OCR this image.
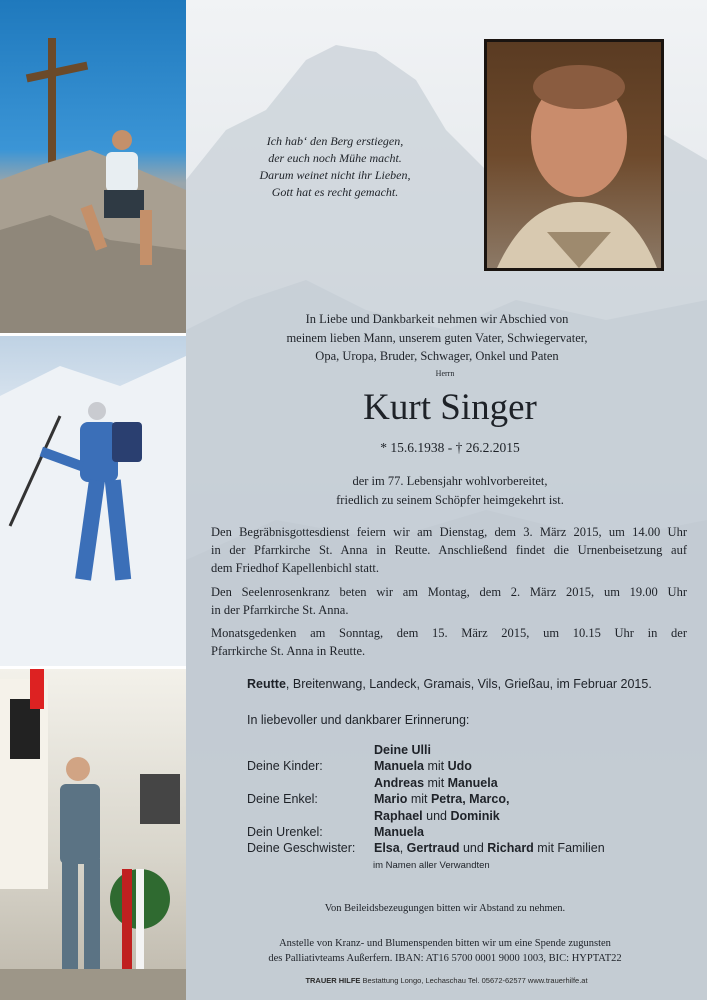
Ich hab‘ den Berg erstiegen,
der euch noch Mühe macht.
Darum weinet nicht ihr Lieben,
Gott hat es recht gemacht.
In Liebe und Dankbarkeit nehmen wir Abschied von
meinem lieben Mann, unserem guten Vater, Schwiegervater,
Opa, Uropa, Bruder, Schwager, Onkel und Paten
Herrn
Kurt Singer
* 15.6.1938 - † 26.2.2015
der im 77. Lebensjahr wohlvorbereitet,
friedlich zu seinem Schöpfer heimgekehrt ist.
Den Begräbnisgottesdienst feiern wir am Dienstag, dem 3. März 2015, um 14.00 Uhr
in der Pfarrkirche St. Anna in Reutte. Anschließend findet die Urnenbeisetzung auf
dem Friedhof Kapellenbichl statt.
Den Seelenrosenkranz beten wir am Montag, dem 2. März 2015, um 19.00 Uhr
in der Pfarrkirche St. Anna.
Monatsgedenken am Sonntag, dem 15. März 2015, um 10.15 Uhr in der
Pfarrkirche St. Anna in Reutte.
Reutte, Breitenwang, Landeck, Gramais, Vils, Grießau, im Februar 2015.
In liebevoller und dankbarer Erinnerung:
Deine Ulli
Deine Kinder:	Manuela mit Udo
Andreas mit Manuela
Deine Enkel:	Mario mit Petra, Marco,
Raphael und Dominik
Dein Urenkel:	Manuela
Deine Geschwister: Elsa, Gertraud und Richard mit Familien
im Namen aller Verwandten
Von Beileidsbezeugungen bitten wir Abstand zu nehmen.
Anstelle von Kranz- und Blumenspenden bitten wir um eine Spende zugunsten
des Palliativteams Außerfern. IBAN: AT16 5700 0001 9000 1003, BIC: HYPTAT22
TRAUER HILFE Bestattung Longo, Lechaschau Tel. 05672-62577 www.trauerhilfe.at
